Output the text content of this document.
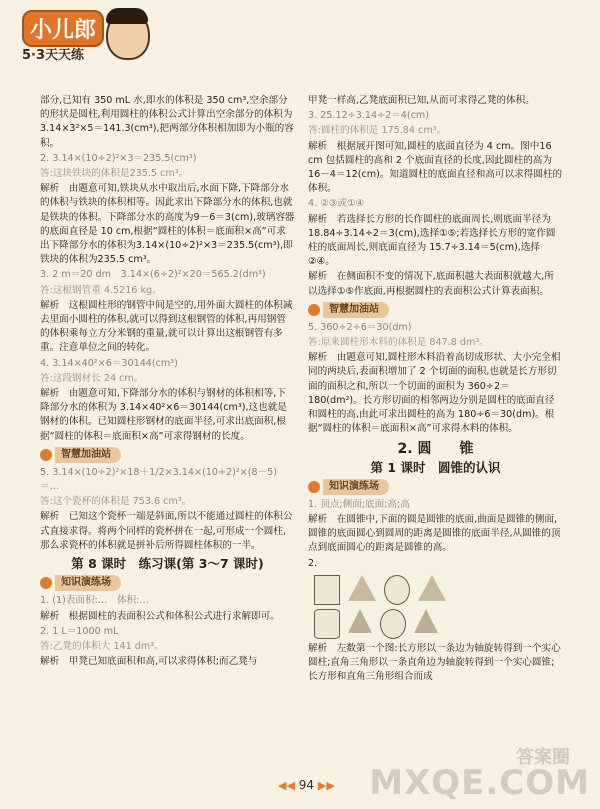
小儿郎
5·3天天练

部分,已知有 350 mL 水,即水的体积是 350 cm³,空余部分的形状是圆柱,利用圆柱的体积公式计算出空余部分的体积为 3.14×3²×5＝141.3(cm³),把两部分体积相加即为小瓶的容积。

2. 3.14×(10÷2)²×3＝235.5(cm³)

答:这块铁块的体积是235.5 cm³。

解析　由题意可知,铁块从水中取出后,水面下降,下降部分水的体积与铁块的体积相等。因此求出下降部分水的体积,也就是铁块的体积。下降部分水的高度为9－6＝3(cm),玻璃容器的底面直径是 10 cm,根据“圆柱的体积＝底面积×高”可求出下降部分水的体积为3.14×(10÷2)²×3＝235.5(cm³),即铁块的体积为235.5 cm³。

3. 2 m＝20 dm　3.14×(6÷2)²×20＝565.2(dm³)

答:这根钢管重 4.5216 kg。

解析　这根圆柱形的钢管中间是空的,用外面大圆柱的体积减去里面小圆柱的体积,就可以得到这根钢管的体积,再用钢管的体积乘每立方分米钢的重量,就可以计算出这根钢管有多重。注意单位之间的转化。

4. 3.14×40²×6＝30144(cm³)

答:这段钢材长 24 cm。

解析　由题意可知,下降部分水的体积与钢材的体积相等,下降部分水的体积为 3.14×40²×6＝30144(cm³),这也就是钢材的体积。已知圆柱形钢材的底面半径,可求出底面积,根据“圆柱的体积＝底面积×高”可求得钢材的长度。

智慧加油站

5. 3.14×(10÷2)²×18＋1/2×3.14×(10÷2)²×(8－5)＝…

答:这个瓷杯的体积是 753.6 cm³。

解析　已知这个瓷杯一端是斜面,所以不能通过圆柱的体积公式直接求得。将两个同样的瓷杯拼在一起,可形成一个圆柱,那么求瓷杯的体积就是拼补后所得圆柱体积的一半。

第 8 课时　练习课(第 3～7 课时)
知识演练场

1. (1)表面积:…　体积:…

解析　根据圆柱的表面积公式和体积公式进行求解即可。

2. 1 L＝1000 mL

答:乙凳的体积大 141 dm³。

解析　甲凳已知底面积和高,可以求得体积;而乙凳与

甲凳一样高,乙凳底面积已知,从而可求得乙凳的体积。

3. 25.12÷3.14÷2＝4(cm)

答:圆柱的体积是 175.84 cm³。

解析　根据展开图可知,圆柱的底面直径为 4 cm。图中16 cm 包括圆柱的高和 2 个底面直径的长度,因此圆柱的高为 16－4＝12(cm)。知道圆柱的底面直径和高可以求得圆柱的体积。

4. ②③或①④

解析　若选择长方形的长作圆柱的底面周长,则底面半径为 18.84÷3.14÷2＝3(cm),选择①⑤;若选择长方形的宽作圆柱的底面周长,则底面直径为 15.7÷3.14＝5(cm),选择②④。

解析　在侧面积不变的情况下,底面积越大表面积就越大,所以选择①⑤作底面,再根据圆柱的表面积公式计算表面积。

智慧加油站

5. 360÷2÷6＝30(dm)

答:原来圆柱形木料的体积是 847.8 dm³。

解析　由题意可知,圆柱形木料沿着高切成形状、大小完全相同的两块后,表面积增加了 2 个切面的面积,也就是长方形切面的面积之和,所以一个切面的面积为 360÷2＝180(dm²)。长方形切面的相邻两边分别是圆柱的底面直径和圆柱的高,由此可求出圆柱的高为 180÷6＝30(dm)。根据“圆柱的体积＝底面积×高”可求得木料的体积。

2. 圆　　锥
第 1 课时　圆锥的认识
知识演练场

1. 顶点;侧面;底面;高;高

解析　在圆锥中,下面的圆是圆锥的底面,曲面是圆锥的侧面,圆锥的底面圆心到圆周的距离是圆锥的底面半径,从圆锥的顶点到底面圆心的距离是圆锥的高。

2.

解析　左数第一个图:长方形以一条边为轴旋转得到一个实心圆柱;直角三角形以一条直角边为轴旋转得到一个实心圆锥;长方形和直角三角形组合而成

◀◀ 94 ▶▶
答案圈
MXQE.COM
